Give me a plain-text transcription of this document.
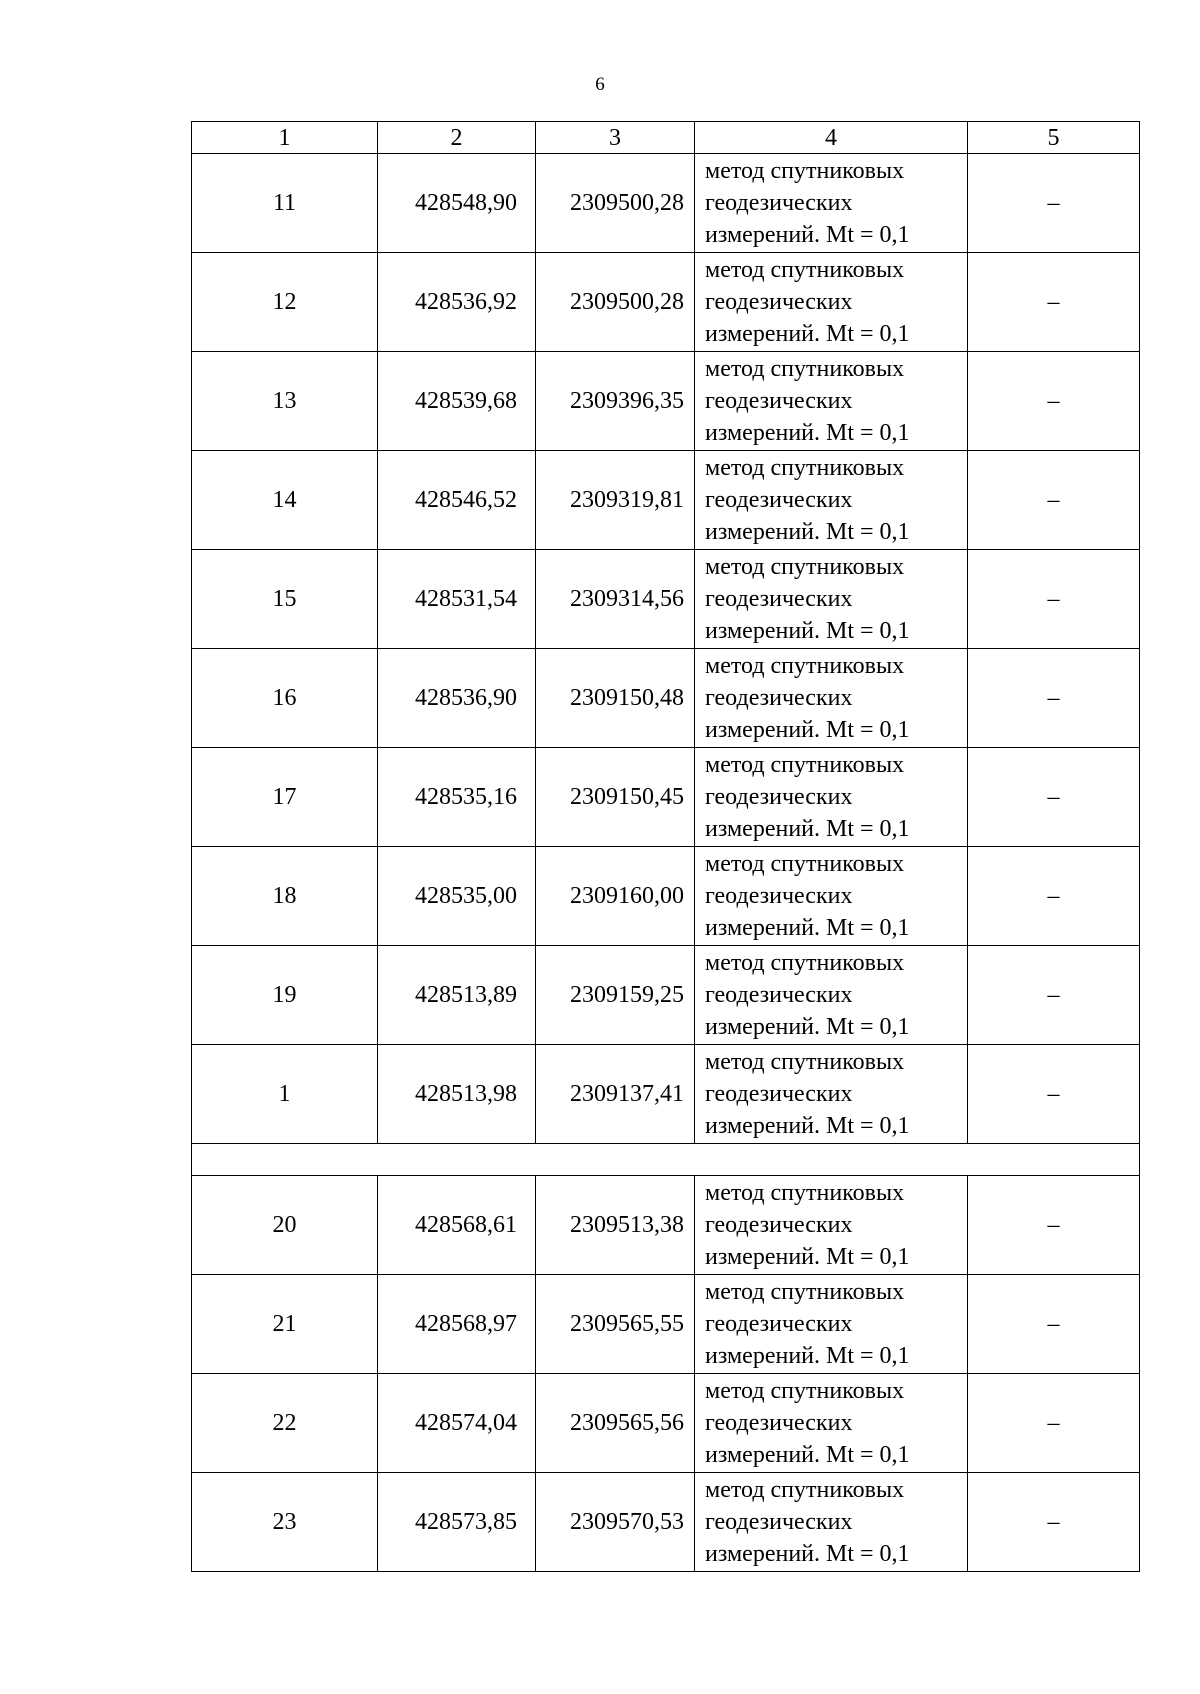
6
1	2	3	4	5
11	428548,90	2309500,28	метод спутниковых
геодезических
измерений. Mt = 0,1	–
12	428536,92	2309500,28	метод спутниковых
геодезических
измерений. Mt = 0,1	–
13	428539,68	2309396,35	метод спутниковых
геодезических
измерений. Mt = 0,1	–
14	428546,52	2309319,81	метод спутниковых
геодезических
измерений. Mt = 0,1	–
15	428531,54	2309314,56	метод спутниковых
геодезических
измерений. Mt = 0,1	–
16	428536,90	2309150,48	метод спутниковых
геодезических
измерений. Mt = 0,1	–
17	428535,16	2309150,45	метод спутниковых
геодезических
измерений. Mt = 0,1	–
18	428535,00	2309160,00	метод спутниковых
геодезических
измерений. Mt = 0,1	–
19	428513,89	2309159,25	метод спутниковых
геодезических
измерений. Mt = 0,1	–
1	428513,98	2309137,41	метод спутниковых
геодезических
измерений. Mt = 0,1	–

20	428568,61	2309513,38	метод спутниковых
геодезических
измерений. Mt = 0,1	–
21	428568,97	2309565,55	метод спутниковых
геодезических
измерений. Mt = 0,1	–
22	428574,04	2309565,56	метод спутниковых
геодезических
измерений. Mt = 0,1	–
23	428573,85	2309570,53	метод спутниковых
геодезических
измерений. Mt = 0,1	–
